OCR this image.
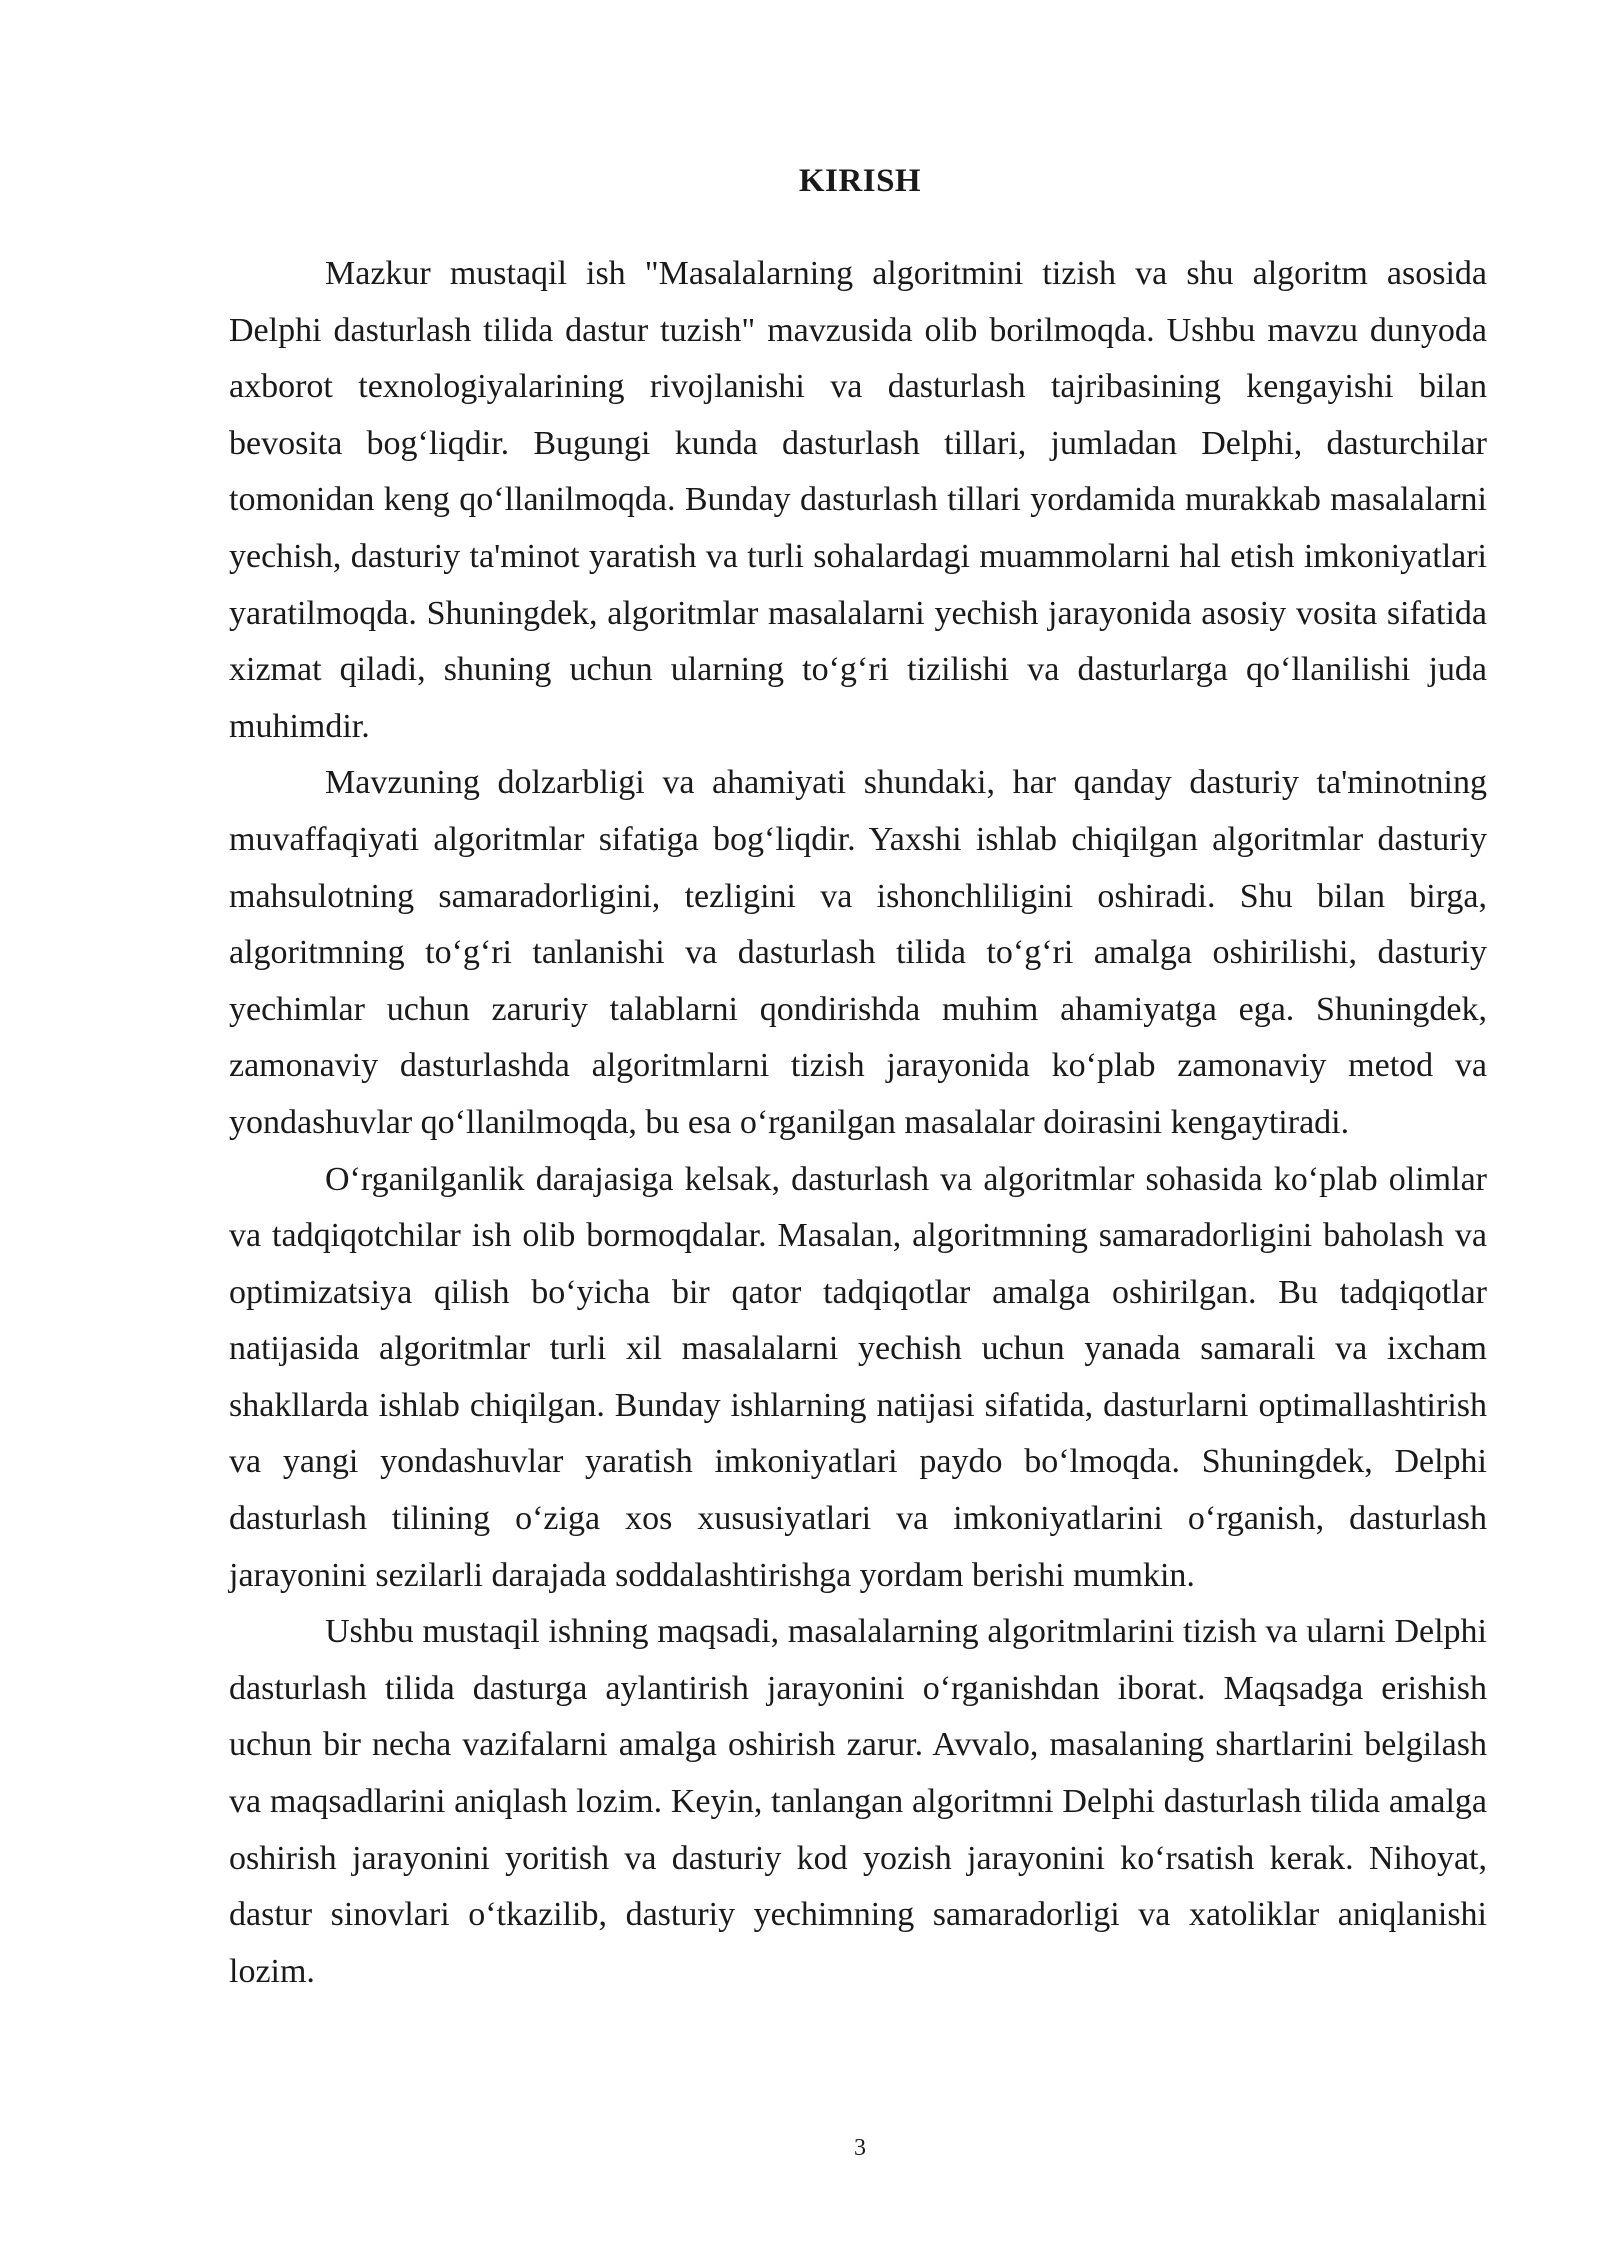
KIRISH

Mazkur mustaqil ish "Masalalarning algoritmini tizish va shu algoritm asosida Delphi dasturlash tilida dastur tuzish" mavzusida olib borilmoqda. Ushbu mavzu dunyoda axborot texnologiyalarining rivojlanishi va dasturlash tajribasining kengayishi bilan bevosita bog‘liqdir. Bugungi kunda dasturlash tillari, jumladan Delphi, dasturchilar tomonidan keng qo‘llanilmoqda. Bunday dasturlash tillari yordamida murakkab masalalarni yechish, dasturiy ta'minot yaratish va turli sohalardagi muammolarni hal etish imkoniyatlari yaratilmoqda. Shuningdek, algoritmlar masalalarni yechish jarayonida asosiy vosita sifatida xizmat qiladi, shuning uchun ularning to‘g‘ri tizilishi va dasturlarga qo‘llanilishi juda muhimdir.

Mavzuning dolzarbligi va ahamiyati shundaki, har qanday dasturiy ta'minotning muvaffaqiyati algoritmlar sifatiga bog‘liqdir. Yaxshi ishlab chiqilgan algoritmlar dasturiy mahsulotning samaradorligini, tezligini va ishonchliligini oshiradi. Shu bilan birga, algoritmning to‘g‘ri tanlanishi va dasturlash tilida to‘g‘ri amalga oshirilishi, dasturiy yechimlar uchun zaruriy talablarni qondirishda muhim ahamiyatga ega. Shuningdek, zamonaviy dasturlashda algoritmlarni tizish jarayonida ko‘plab zamonaviy metod va yondashuvlar qo‘llanilmoqda, bu esa o‘rganilgan masalalar doirasini kengaytiradi.

O‘rganilganlik darajasiga kelsak, dasturlash va algoritmlar sohasida ko‘plab olimlar va tadqiqotchilar ish olib bormoqdalar. Masalan, algoritmning samaradorligini baholash va optimizatsiya qilish bo‘yicha bir qator tadqiqotlar amalga oshirilgan. Bu tadqiqotlar natijasida algoritmlar turli xil masalalarni yechish uchun yanada samarali va ixcham shakllarda ishlab chiqilgan. Bunday ishlarning natijasi sifatida, dasturlarni optimallashtirish va yangi yondashuvlar yaratish imkoniyatlari paydo bo‘lmoqda. Shuningdek, Delphi dasturlash tilining o‘ziga xos xususiyatlari va imkoniyatlarini o‘rganish, dasturlash jarayonini sezilarli darajada soddalashtirishga yordam berishi mumkin.

Ushbu mustaqil ishning maqsadi, masalalarning algoritmlarini tizish va ularni Delphi dasturlash tilida dasturga aylantirish jarayonini o‘rganishdan iborat. Maqsadga erishish uchun bir necha vazifalarni amalga oshirish zarur. Avvalo, masalaning shartlarini belgilash va maqsadlarini aniqlash lozim. Keyin, tanlangan algoritmni Delphi dasturlash tilida amalga oshirish jarayonini yoritish va dasturiy kod yozish jarayonini ko‘rsatish kerak. Nihoyat, dastur sinovlari o‘tkazilib, dasturiy yechimning samaradorligi va xatoliklar aniqlanishi lozim.

3
